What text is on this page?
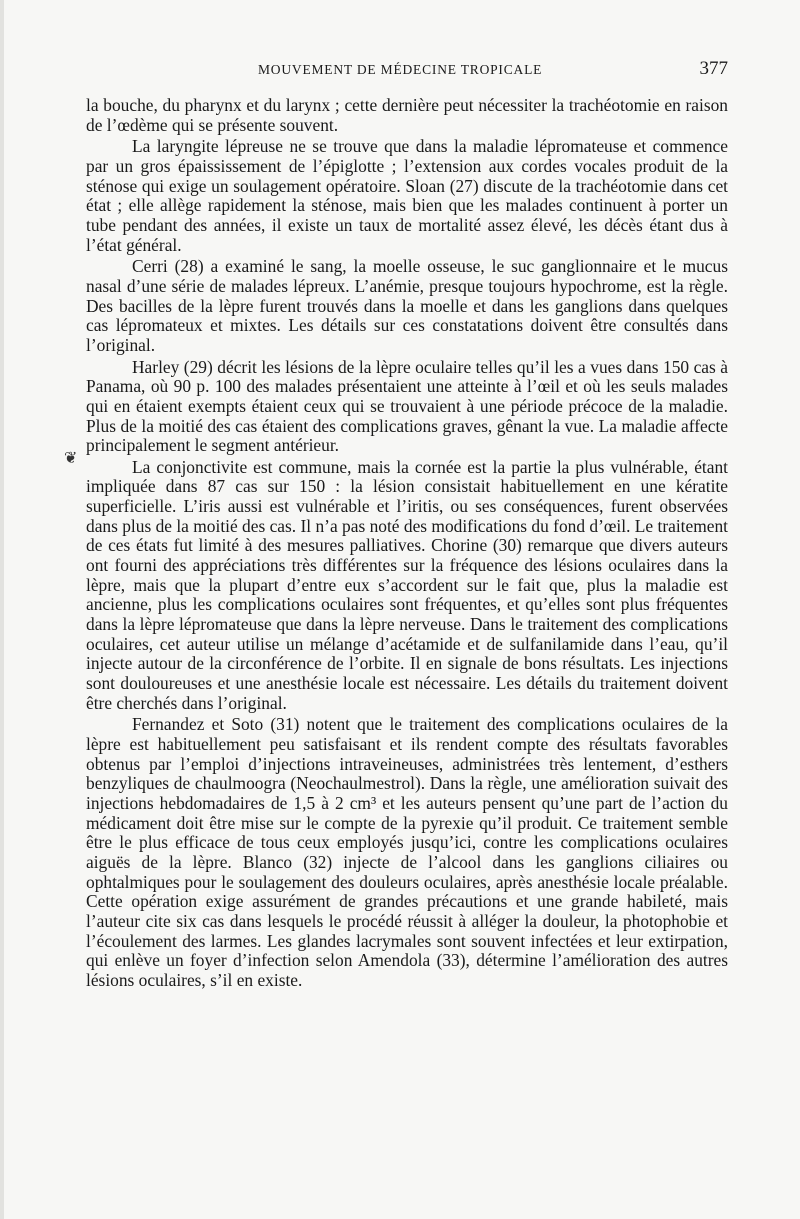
MOUVEMENT DE MÉDECINE TROPICALE	377
❦

la bouche, du pharynx et du larynx ; cette dernière peut nécessiter la trachéotomie en raison de l’œdème qui se présente souvent.

La laryngite lépreuse ne se trouve que dans la maladie lépromateuse et commence par un gros épaississement de l’épiglotte ; l’extension aux cordes vocales produit de la sténose qui exige un soulagement opératoire. Sloan (27) discute de la trachéotomie dans cet état ; elle allège rapidement la sténose, mais bien que les malades continuent à porter un tube pendant des années, il existe un taux de mortalité assez élevé, les décès étant dus à l’état général.

Cerri (28) a examiné le sang, la moelle osseuse, le suc ganglionnaire et le mucus nasal d’une série de malades lépreux. L’anémie, presque toujours hypochrome, est la règle. Des bacilles de la lèpre furent trouvés dans la moelle et dans les ganglions dans quelques cas lépromateux et mixtes. Les détails sur ces constatations doivent être consultés dans l’original.

Harley (29) décrit les lésions de la lèpre oculaire telles qu’il les a vues dans 150 cas à Panama, où 90 p. 100 des malades présentaient une atteinte à l’œil et où les seuls malades qui en étaient exempts étaient ceux qui se trouvaient à une période précoce de la maladie. Plus de la moitié des cas étaient des complications graves, gênant la vue. La maladie affecte principalement le segment antérieur.

La conjonctivite est commune, mais la cornée est la partie la plus vulnérable, étant impliquée dans 87 cas sur 150 : la lésion consistait habituellement en une kératite superficielle. L’iris aussi est vulnérable et l’iritis, ou ses conséquences, furent observées dans plus de la moitié des cas. Il n’a pas noté des modifications du fond d’œil. Le traitement de ces états fut limité à des mesures palliatives. Chorine (30) remarque que divers auteurs ont fourni des appréciations très différentes sur la fréquence des lésions oculaires dans la lèpre, mais que la plupart d’entre eux s’accordent sur le fait que, plus la maladie est ancienne, plus les complications oculaires sont fréquentes, et qu’elles sont plus fréquentes dans la lèpre lépromateuse que dans la lèpre nerveuse. Dans le traitement des complications oculaires, cet auteur utilise un mélange d’acétamide et de sulfanilamide dans l’eau, qu’il injecte autour de la circonférence de l’orbite. Il en signale de bons résultats. Les injections sont douloureuses et une anesthésie locale est nécessaire. Les détails du traitement doivent être cherchés dans l’original.

Fernandez et Soto (31) notent que le traitement des complications oculaires de la lèpre est habituellement peu satisfaisant et ils rendent compte des résultats favorables obtenus par l’emploi d’injections intraveineuses, administrées très lentement, d’esthers benzyliques de chaulmoogra (Neochaulmestrol). Dans la règle, une amélioration suivait des injections hebdomadaires de 1,5 à 2 cm³ et les auteurs pensent qu’une part de l’action du médicament doit être mise sur le compte de la pyrexie qu’il produit. Ce traitement semble être le plus efficace de tous ceux employés jusqu’ici, contre les complications oculaires aiguës de la lèpre. Blanco (32) injecte de l’alcool dans les ganglions ciliaires ou ophtalmiques pour le soulagement des douleurs oculaires, après anesthésie locale préalable. Cette opération exige assurément de grandes précautions et une grande habileté, mais l’auteur cite six cas dans lesquels le procédé réussit à alléger la douleur, la photophobie et l’écoulement des larmes. Les glandes lacrymales sont souvent infectées et leur extirpation, qui enlève un foyer d’infection selon Amendola (33), détermine l’amélioration des autres lésions oculaires, s’il en existe.
